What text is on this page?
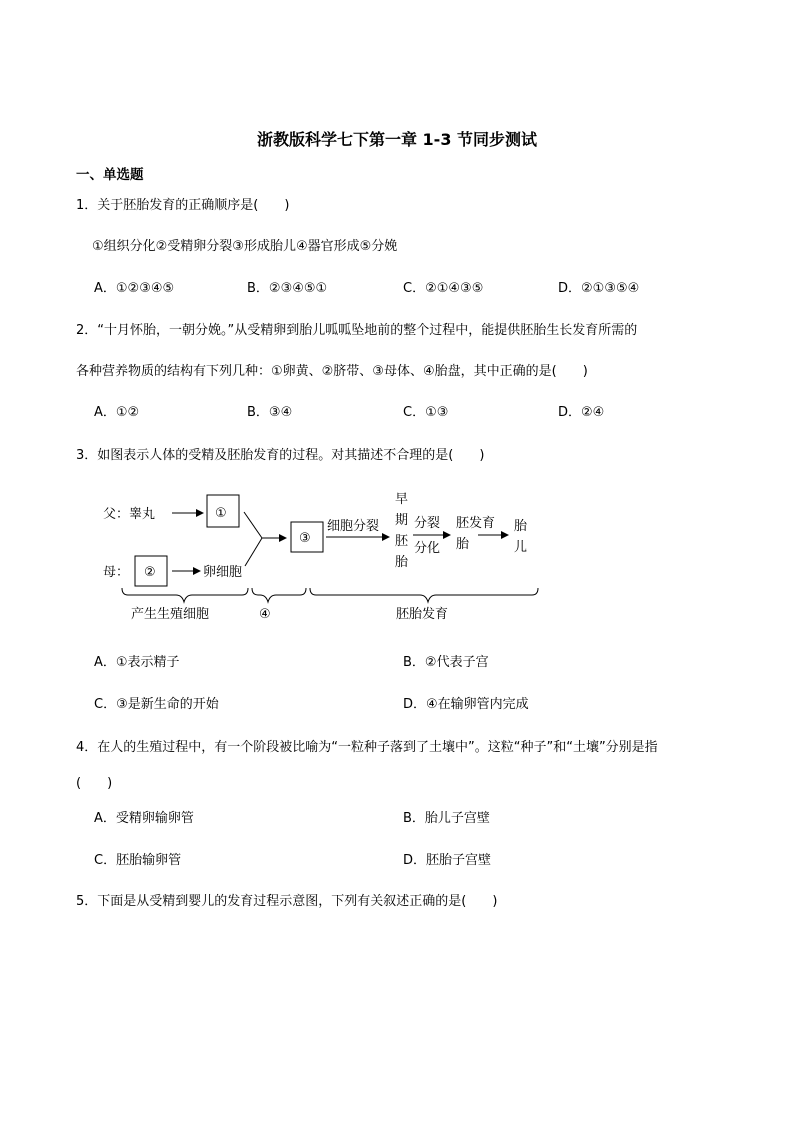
浙教版科学七下第一章 1-3 节同步测试
一、单选题
1．关于胚胎发育的正确顺序是(　　)
①组织分化②受精卵分裂③形成胎儿④器官形成⑤分娩
A．①②③④⑤	B．②③④⑤①	C．②①④③⑤	D．②①③⑤④
2．“十月怀胎，一朝分娩。”从受精卵到胎儿呱呱坠地前的整个过程中，能提供胚胎生长发育所需的
各种营养物质的结构有下列几种：①卵黄、②脐带、③母体、④胎盘，其中正确的是(　　)
A．①②	B．③④	C．①③	D．②④
3．如图表示人体的受精及胚胎发育的过程。对其描述不合理的是(　　)
父：睾丸	①
母： ②	卵细胞
③
细胞分裂
早
期
胚
胎
分裂
分化
胚发育
胎
胎
儿
产生生殖细胞	④	胚胎发育
A．①表示精子	B．②代表子宫
C．③是新生命的开始	D．④在输卵管内完成
4．在人的生殖过程中，有一个阶段被比喻为“一粒种子落到了土壤中”。这粒“种子”和“土壤”分别是指
(　　)
A．受精卵输卵管	B．胎儿子宫壁
C．胚胎输卵管	D．胚胎子宫壁
5．下面是从受精到婴儿的发育过程示意图，下列有关叙述正确的是(　　)
